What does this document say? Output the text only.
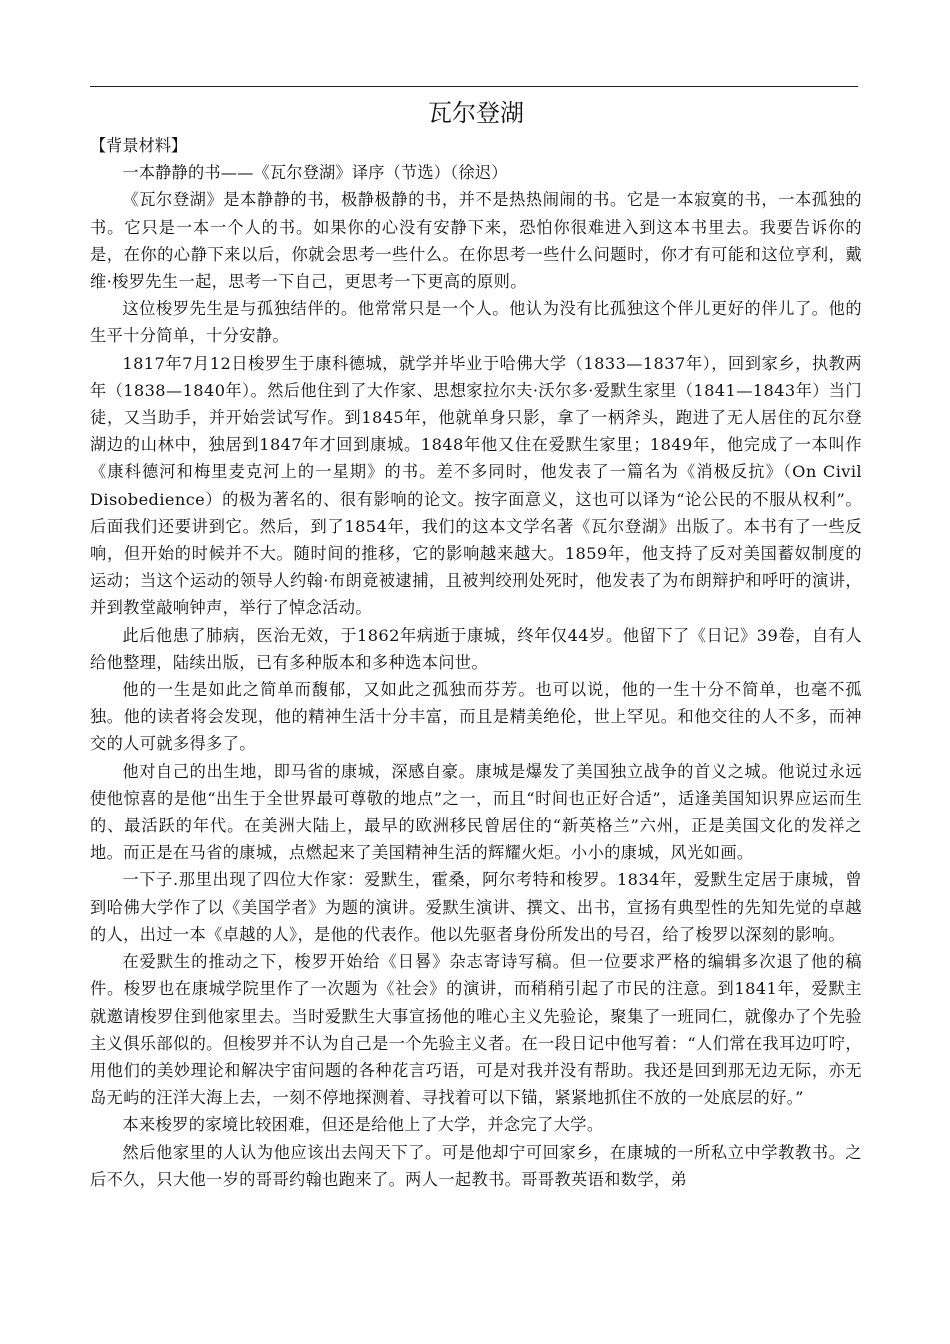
瓦尔登湖
【背景材料】

一本静静的书——《瓦尔登湖》译序（节选）（徐迟）

《瓦尔登湖》是本静静的书，极静极静的书，并不是热热闹闹的书。它是一本寂寞的书，一本孤独的书。它只是一本一个人的书。如果你的心没有安静下来，恐怕你很难进入到这本书里去。我要告诉你的是，在你的心静下来以后，你就会思考一些什么。在你思考一些什么问题时，你才有可能和这位亨利，戴维·梭罗先生一起，思考一下自己，更思考一下更高的原则。

这位梭罗先生是与孤独结伴的。他常常只是一个人。他认为没有比孤独这个伴儿更好的伴儿了。他的生平十分简单，十分安静。

1817年7月12日梭罗生于康科德城，就学并毕业于哈佛大学（1833—1837年），回到家乡，执教两年（1838—1840年）。然后他住到了大作家、思想家拉尔夫·沃尔多·爱默生家里（1841—1843年）当门徒，又当助手，并开始尝试写作。到1845年，他就单身只影，拿了一柄斧头，跑进了无人居住的瓦尔登湖边的山林中，独居到1847年才回到康城。1848年他又住在爱默生家里；1849年，他完成了一本叫作《康科德河和梅里麦克河上的一星期》的书。差不多同时，他发表了一篇名为《消极反抗》（On Civil Disobedience）的极为著名的、很有影响的论文。按字面意义，这也可以译为“论公民的不服从权利”。后面我们还要讲到它。然后，到了1854年，我们的这本文学名著《瓦尔登湖》出版了。本书有了一些反响，但开始的时候并不大。随时间的推移，它的影响越来越大。1859年，他支持了反对美国蓄奴制度的运动；当这个运动的领导人约翰·布朗竟被逮捕，且被判绞刑处死时，他发表了为布朗辩护和呼吁的演讲，并到教堂敲响钟声，举行了悼念活动。

此后他患了肺病，医治无效，于1862年病逝于康城，终年仅44岁。他留下了《日记》39卷，自有人给他整理，陆续出版，已有多种版本和多种选本问世。

他的一生是如此之简单而馥郁，又如此之孤独而芬芳。也可以说，他的一生十分不简单，也毫不孤独。他的读者将会发现，他的精神生活十分丰富，而且是精美绝伦，世上罕见。和他交往的人不多，而神交的人可就多得多了。

他对自己的出生地，即马省的康城，深感自豪。康城是爆发了美国独立战争的首义之城。他说过永远使他惊喜的是他“出生于全世界最可尊敬的地点”之一，而且“时间也正好合适”，适逢美国知识界应运而生的、最活跃的年代。在美洲大陆上，最早的欧洲移民曾居住的“新英格兰”六州，正是美国文化的发祥之地。而正是在马省的康城，点燃起来了美国精神生活的辉耀火炬。小小的康城，风光如画。

一下子.那里出现了四位大作家：爱默生，霍桑，阿尔考特和梭罗。1834年，爱默生定居于康城，曾到哈佛大学作了以《美国学者》为题的演讲。爱默生演讲、撰文、出书，宣扬有典型性的先知先觉的卓越的人，出过一本《卓越的人》，是他的代表作。他以先驱者身份所发出的号召，给了梭罗以深刻的影响。

在爱默生的推动之下，梭罗开始给《日晷》杂志寄诗写稿。但一位要求严格的编辑多次退了他的稿件。梭罗也在康城学院里作了一次题为《社会》的演讲，而稍稍引起了市民的注意。到1841年，爱默主就邀请梭罗住到他家里去。当时爱默生大事宣扬他的唯心主义先验论，聚集了一班同仁，就像办了个先验主义俱乐部似的。但梭罗并不认为自己是一个先验主义者。在一段日记中他写着：“人们常在我耳边叮咛，用他们的美妙理论和解决宇宙问题的各种花言巧语，可是对我并没有帮助。我还是回到那无边无际，亦无岛无屿的汪洋大海上去，一刻不停地探测着、寻找着可以下锚，紧紧地抓住不放的一处底层的好。”

本来梭罗的家境比较困难，但还是给他上了大学，并念完了大学。

然后他家里的人认为他应该出去闯天下了。可是他却宁可回家乡，在康城的一所私立中学教教书。之后不久，只大他一岁的哥哥约翰也跑来了。两人一起教书。哥哥教英语和数学，弟
